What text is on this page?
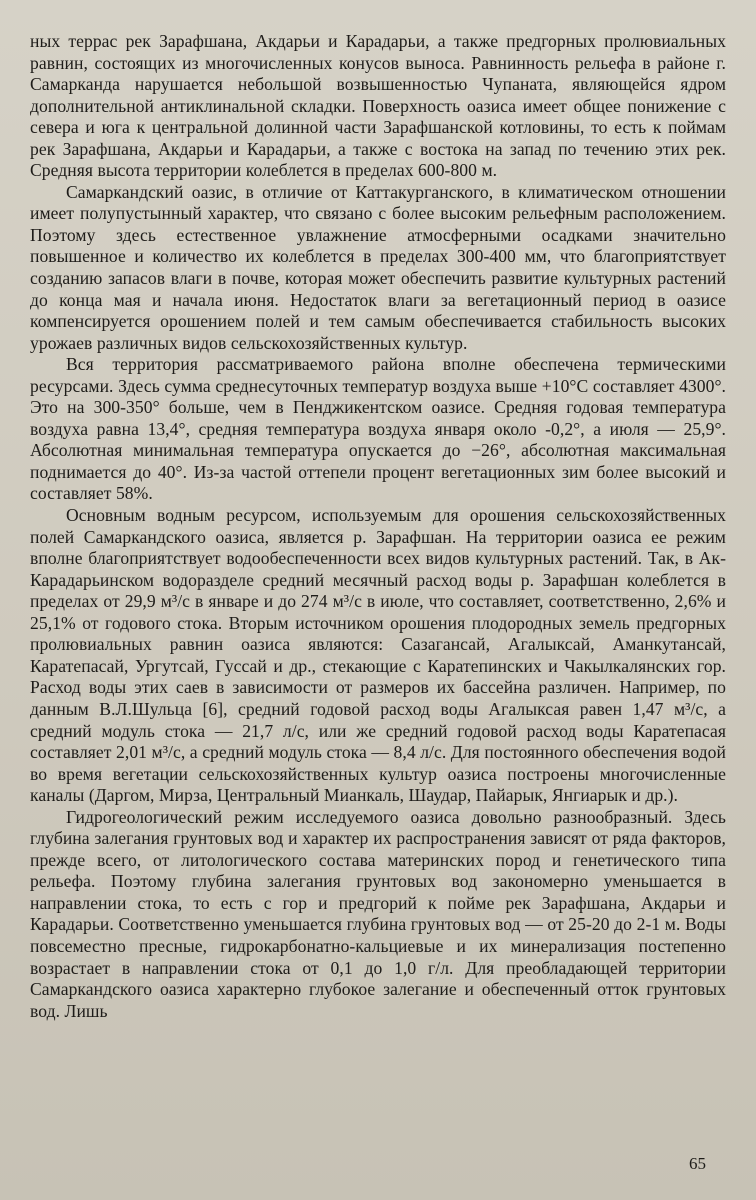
ных террас рек Зарафшана, Акдарьи и Карадарьи, а также предгорных пролювиальных равнин, состоящих из многочисленных конусов выноса. Равнинность рельефа в районе г. Самарканда нарушается небольшой возвышенностью Чупаната, являющейся ядром дополнительной антиклинальной складки. Поверхность оазиса имеет общее понижение с севера и юга к центральной долинной части Зарафшанской котловины, то есть к поймам рек Зарафшана, Акдарьи и Карадарьи, а также с востока на запад по течению этих рек. Средняя высота территории колеблется в пределах 600-800 м.

Самаркандский оазис, в отличие от Каттакурганского, в климатическом отношении имеет полупустынный характер, что связано с более высоким рельефным расположением. Поэтому здесь естественное увлажнение атмосферными осадками значительно повышенное и количество их колеблется в пределах 300-400 мм, что благоприятствует созданию запасов влаги в почве, которая может обеспечить развитие культурных растений до конца мая и начала июня. Недостаток влаги за вегетационный период в оазисе компенсируется орошением полей и тем самым обеспечивается стабильность высоких урожаев различных видов сельскохозяйственных культур.

Вся территория рассматриваемого района вполне обеспечена термическими ресурсами. Здесь сумма среднесуточных температур воздуха выше +10°С составляет 4300°. Это на 300-350° больше, чем в Пенджикентском оазисе. Средняя годовая температура воздуха равна 13,4°, средняя температура воздуха января около -0,2°, а июля — 25,9°. Абсолютная минимальная температура опускается до −26°, абсолютная максимальная поднимается до 40°. Из-за частой оттепели процент вегетационных зим более высокий и составляет 58%.

Основным водным ресурсом, используемым для орошения сельскохозяйственных полей Самаркандского оазиса, является р. Зарафшан. На территории оазиса ее режим вполне благоприятствует водообеспеченности всех видов культурных растений. Так, в Ак-Карадарьинском водоразделе средний месячный расход воды р. Зарафшан колеблется в пределах от 29,9 м³/с в январе и до 274 м³/с в июле, что составляет, соответственно, 2,6% и 25,1% от годового стока. Вторым источником орошения плодородных земель предгорных пролювиальных равнин оазиса являются: Сазагансай, Агалыксай, Аманкутансай, Каратепасай, Ургутсай, Гуссай и др., стекающие с Каратепинских и Чакылкалянских гор. Расход воды этих саев в зависимости от размеров их бассейна различен. Например, по данным В.Л.Шульца [6], средний годовой расход воды Агалыксая равен 1,47 м³/с, а средний модуль стока — 21,7 л/с, или же средний годовой расход воды Каратепасая составляет 2,01 м³/с, а средний модуль стока — 8,4 л/с. Для постоянного обеспечения водой во время вегетации сельскохозяйственных культур оазиса построены многочисленные каналы (Даргом, Мирза, Центральный Мианкаль, Шаудар, Пайарык, Янгиарык и др.).

Гидрогеологический режим исследуемого оазиса довольно разнообразный. Здесь глубина залегания грунтовых вод и характер их распространения зависят от ряда факторов, прежде всего, от литологического состава материнских пород и генетического типа рельефа. Поэтому глубина залегания грунтовых вод закономерно уменьшается в направлении стока, то есть с гор и предгорий к пойме рек Зарафшана, Акдарьи и Карадарьи. Соответственно уменьшается глубина грунтовых вод — от 25-20 до 2-1 м. Воды повсеместно пресные, гидрокарбонатно-кальциевые и их минерализация постепенно возрастает в направлении стока от 0,1 до 1,0 г/л. Для преобладающей территории Самаркандского оазиса характерно глубокое залегание и обеспеченный отток грунтовых вод. Лишь

65
